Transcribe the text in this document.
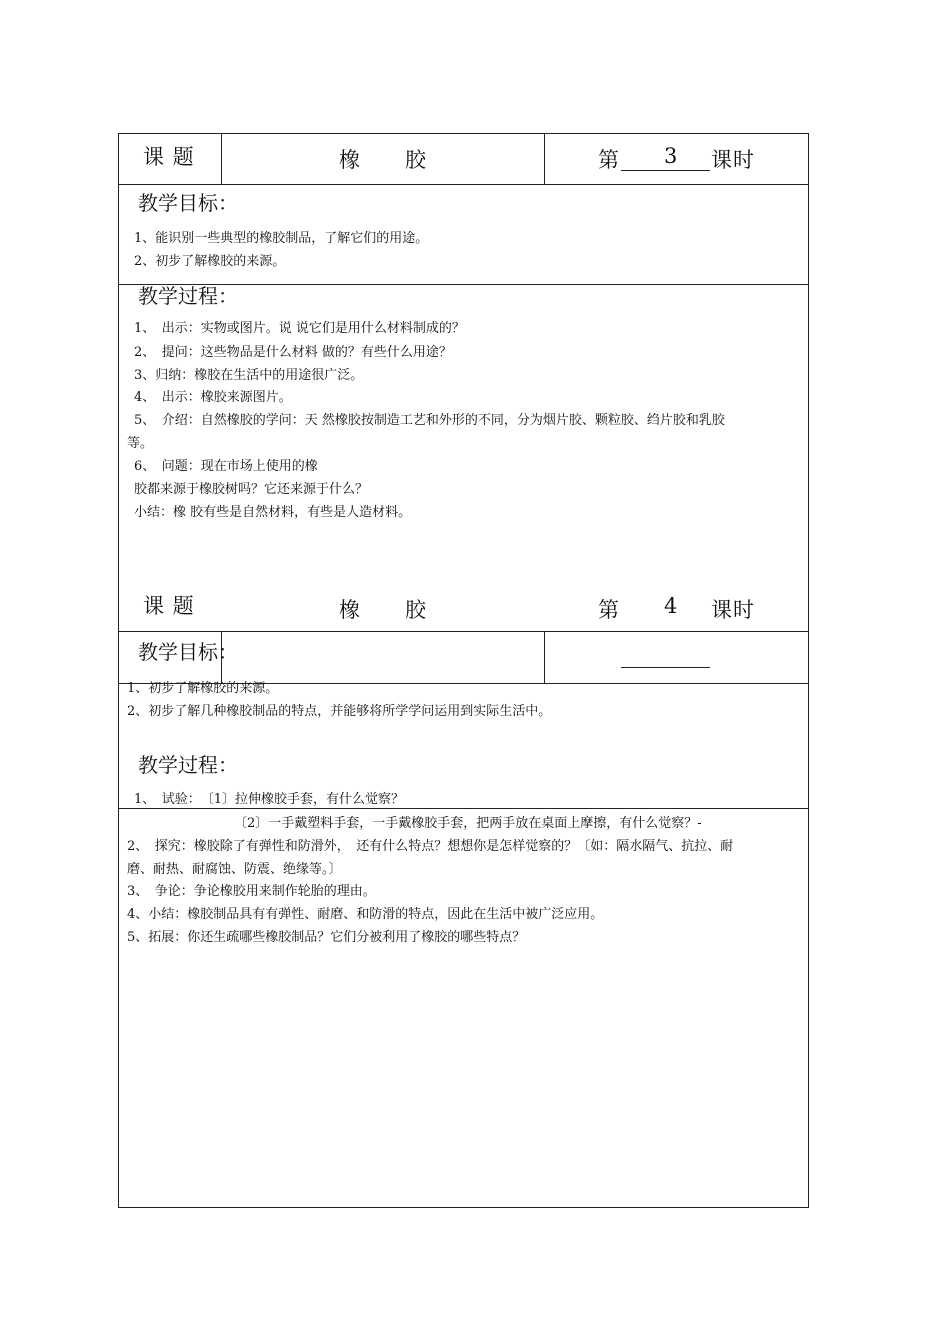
课 题	橡　　胶	第 3 课时
教学目标：
1、能识别一些典型的橡胶制品，了解它们的用途。
2、初步了解橡胶的来源。
教学过程：
1、　出示：实物或图片。说 说它们是用什么材料制成的？
2、　提问：这些物品是什么材料 做的？有些什么用途？
3、归纳：橡胶在生活中的用途很广泛。
4、　出示：橡胶来源图片。
5、　介绍：自然橡胶的学问：天 然橡胶按制造工艺和外形的不同，分为烟片胶、颗粒胶、绉片胶和乳胶
等。
6、　问题：现在市场上使用的橡
胶都来源于橡胶树吗？它还来源于什么？
小结：橡 胶有些是自然材料，有些是人造材料。
课 题	橡　　胶	第 4 课时
教学目标：
1、初步了解橡胶的来源。
2、初步了解几种橡胶制品的特点，并能够将所学学问运用到实际生活中。
教学过程：
1、　试验：　〔1〕拉伸橡胶手套，有什么觉察？
〔2〕一手戴塑料手套，一手戴橡胶手套，把两手放在桌面上摩擦，有什么觉察？-
2、　探究：橡胶除了有弹性和防滑外，　还有什么特点？想想你是怎样觉察的？〔如：隔水隔气、抗拉、耐
磨、耐热、耐腐蚀、防震、绝缘等。〕
3、　争论：争论橡胶用来制作轮胎的理由。
4、小结：橡胶制品具有有弹性、耐磨、和防滑的特点，因此在生活中被广泛应用。
5、拓展：你还生疏哪些橡胶制品？它们分被利用了橡胶的哪些特点？
